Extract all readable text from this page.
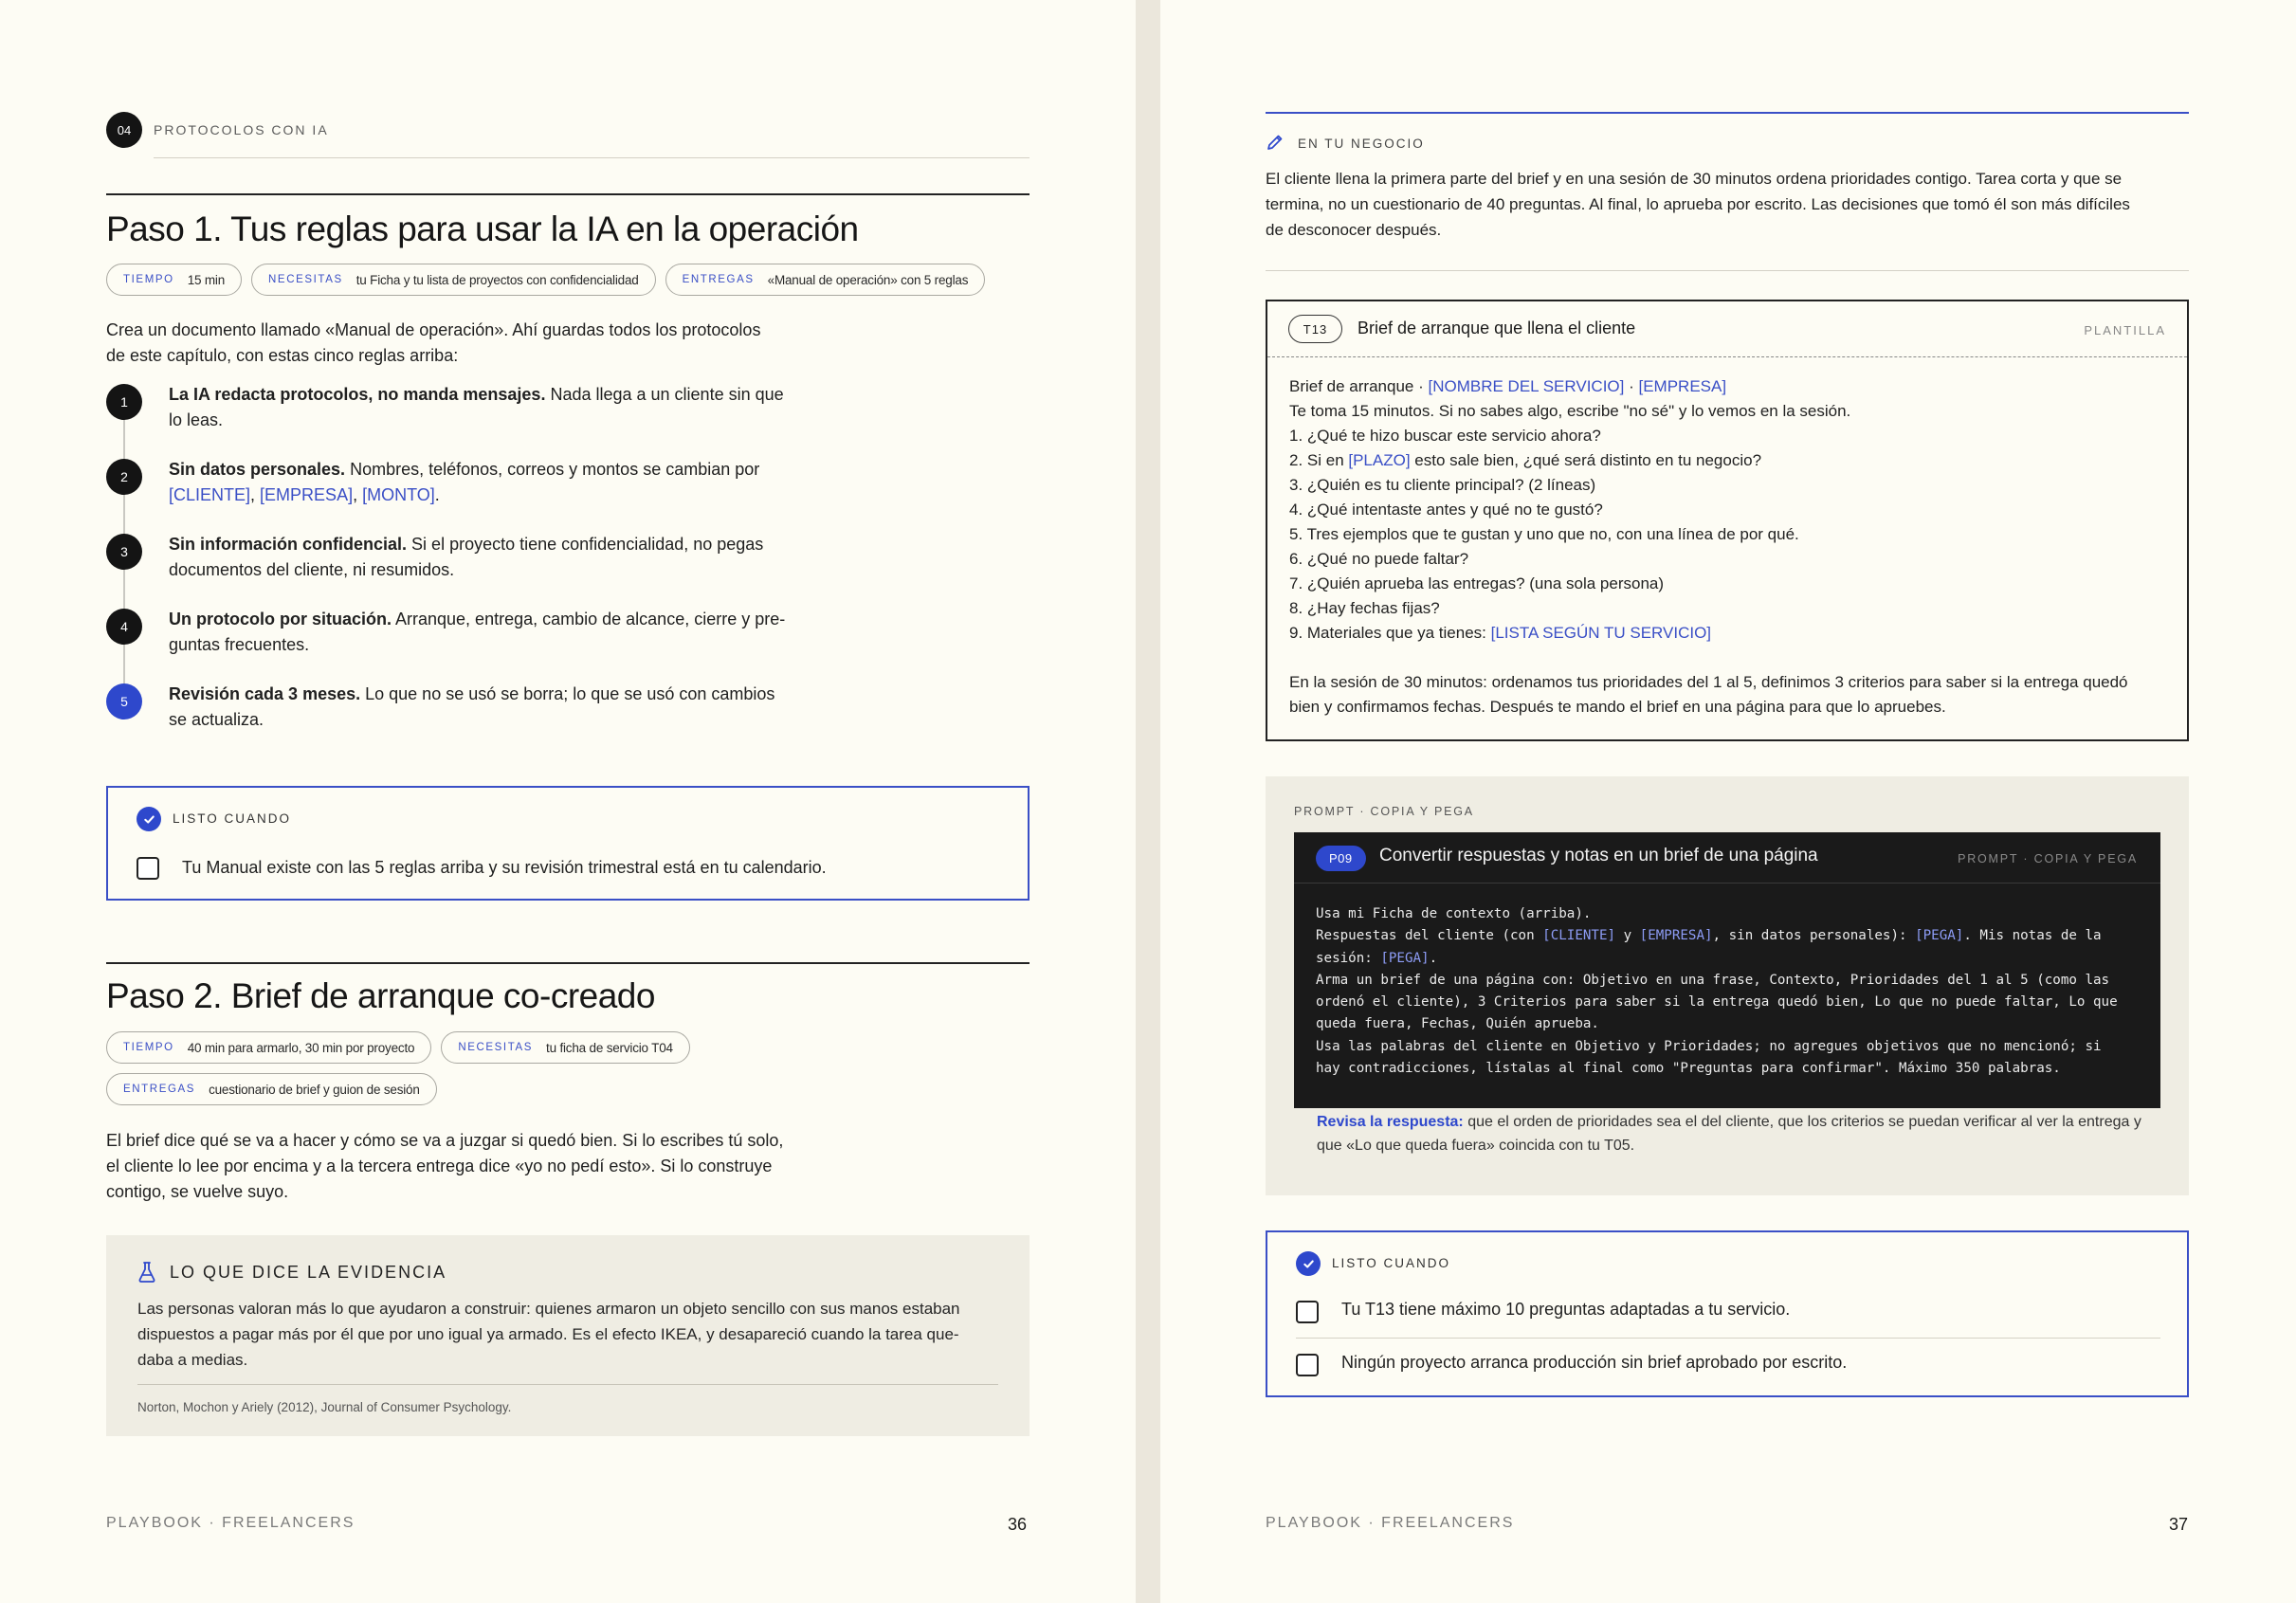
04	PROTOCOLOS CON IA
Paso 1. Tus reglas para usar la IA en la operación
TIEMPO 15 min	NECESITAS tu Ficha y tu lista de proyectos con confidencialidad	ENTREGAS «Manual de operación» con 5 reglas
Crea un documento llamado «Manual de operación». Ahí guardas todos los protocolos
de este capítulo, con estas cinco reglas arriba:
1	La IA redacta protocolos, no manda mensajes. Nada llega a un cliente sin que
lo leas.
2	Sin datos personales. Nombres, teléfonos, correos y montos se cambian por
[CLIENTE], [EMPRESA], [MONTO].
3	Sin información confidencial. Si el proyecto tiene confidencialidad, no pegas
documentos del cliente, ni resumidos.
4	Un protocolo por situación. Arranque, entrega, cambio de alcance, cierre y pre-
guntas frecuentes.
5	Revisión cada 3 meses. Lo que no se usó se borra; lo que se usó con cambios
se actualiza.
LISTO CUANDO
Tu Manual existe con las 5 reglas arriba y su revisión trimestral está en tu calendario.
Paso 2. Brief de arranque co-creado
TIEMPO 40 min para armarlo, 30 min por proyecto	NECESITAS tu ficha de servicio T04
ENTREGAS cuestionario de brief y guion de sesión
El brief dice qué se va a hacer y cómo se va a juzgar si quedó bien. Si lo escribes tú solo,
el cliente lo lee por encima y a la tercera entrega dice «yo no pedí esto». Si lo construye
contigo, se vuelve suyo.
LO QUE DICE LA EVIDENCIA
Las personas valoran más lo que ayudaron a construir: quienes armaron un objeto sencillo con sus manos estaban
dispuestos a pagar más por él que por uno igual ya armado. Es el efecto IKEA, y desapareció cuando la tarea que-
daba a medias.
Norton, Mochon y Ariely (2012), Journal of Consumer Psychology.
PLAYBOOK · FREELANCERS	36
EN TU NEGOCIO
El cliente llena la primera parte del brief y en una sesión de 30 minutos ordena prioridades contigo. Tarea corta y que se
termina, no un cuestionario de 40 preguntas. Al final, lo aprueba por escrito. Las decisiones que tomó él son más difíciles
de desconocer después.
T13	Brief de arranque que llena el cliente	PLANTILLA
Brief de arranque · [NOMBRE DEL SERVICIO] · [EMPRESA]
Te toma 15 minutos. Si no sabes algo, escribe "no sé" y lo vemos en la sesión.
1. ¿Qué te hizo buscar este servicio ahora?
2. Si en [PLAZO] esto sale bien, ¿qué será distinto en tu negocio?
3. ¿Quién es tu cliente principal? (2 líneas)
4. ¿Qué intentaste antes y qué no te gustó?
5. Tres ejemplos que te gustan y uno que no, con una línea de por qué.
6. ¿Qué no puede faltar?
7. ¿Quién aprueba las entregas? (una sola persona)
8. ¿Hay fechas fijas?
9. Materiales que ya tienes: [LISTA SEGÚN TU SERVICIO]
En la sesión de 30 minutos: ordenamos tus prioridades del 1 al 5, definimos 3 criterios para saber si la entrega quedó
bien y confirmamos fechas. Después te mando el brief en una página para que lo apruebes.
PROMPT · COPIA Y PEGA
P09	Convertir respuestas y notas en un brief de una página	PROMPT · COPIA Y PEGA
Usa mi Ficha de contexto (arriba).
Respuestas del cliente (con [CLIENTE] y [EMPRESA], sin datos personales): [PEGA]. Mis notas de la
sesión: [PEGA].
Arma un brief de una página con: Objetivo en una frase, Contexto, Prioridades del 1 al 5 (como las
ordenó el cliente), 3 Criterios para saber si la entrega quedó bien, Lo que no puede faltar, Lo que
queda fuera, Fechas, Quién aprueba.
Usa las palabras del cliente en Objetivo y Prioridades; no agregues objetivos que no mencionó; si
hay contradicciones, lístalas al final como "Preguntas para confirmar". Máximo 350 palabras.
Revisa la respuesta: que el orden de prioridades sea el del cliente, que los criterios se puedan verificar al ver la entrega y
que «Lo que queda fuera» coincida con tu T05.
LISTO CUANDO
Tu T13 tiene máximo 10 preguntas adaptadas a tu servicio.
Ningún proyecto arranca producción sin brief aprobado por escrito.
PLAYBOOK · FREELANCERS	37
